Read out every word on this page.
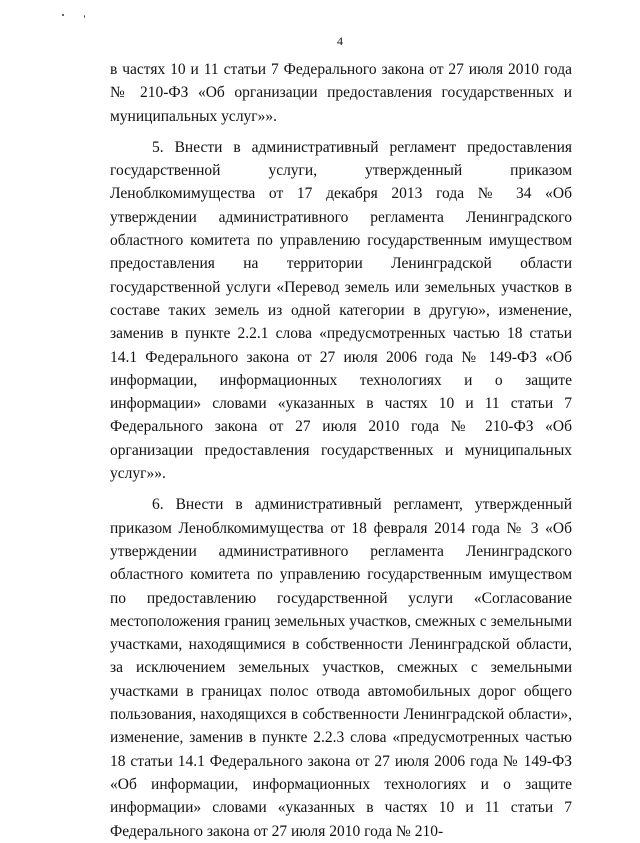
4

в частях 10 и 11 статьи 7 Федерального закона от 27 июля 2010 года № 210-ФЗ «Об организации предоставления государственных и муниципальных услуг»».

5. Внести в административный регламент предоставления государственной услуги, утвержденный приказом Леноблкомимущества от 17 декабря 2013 года № 34 «Об утверждении административного регламента Ленинградского областного комитета по управлению государственным имуществом предоставления на территории Ленинградской области государственной услуги «Перевод земель или земельных участков в составе таких земель из одной категории в другую», изменение, заменив в пункте 2.2.1 слова «предусмотренных частью 18 статьи 14.1 Федерального закона от 27 июля 2006 года № 149-ФЗ «Об информации, информационных технологиях и о защите информации» словами «указанных в частях 10 и 11 статьи 7 Федерального закона от 27 июля 2010 года № 210-ФЗ «Об организации предоставления государственных и муниципальных услуг»».

6. Внести в административный регламент, утвержденный приказом Леноблкомимущества от 18 февраля 2014 года № 3 «Об утверждении административного регламента Ленинградского областного комитета по управлению государственным имуществом по предоставлению государственной услуги «Согласование местоположения границ земельных участков, смежных с земельными участками, находящимися в собственности Ленинградской области, за исключением земельных участков, смежных с земельными участками в границах полос отвода автомобильных дорог общего пользования, находящихся в собственности Ленинградской области», изменение, заменив в пункте 2.2.3 слова «предусмотренных частью 18 статьи 14.1 Федерального закона от 27 июля 2006 года № 149-ФЗ «Об информации, информационных технологиях и о защите информации» словами «указанных в частях 10 и 11 статьи 7 Федерального закона от 27 июля 2010 года № 210-
